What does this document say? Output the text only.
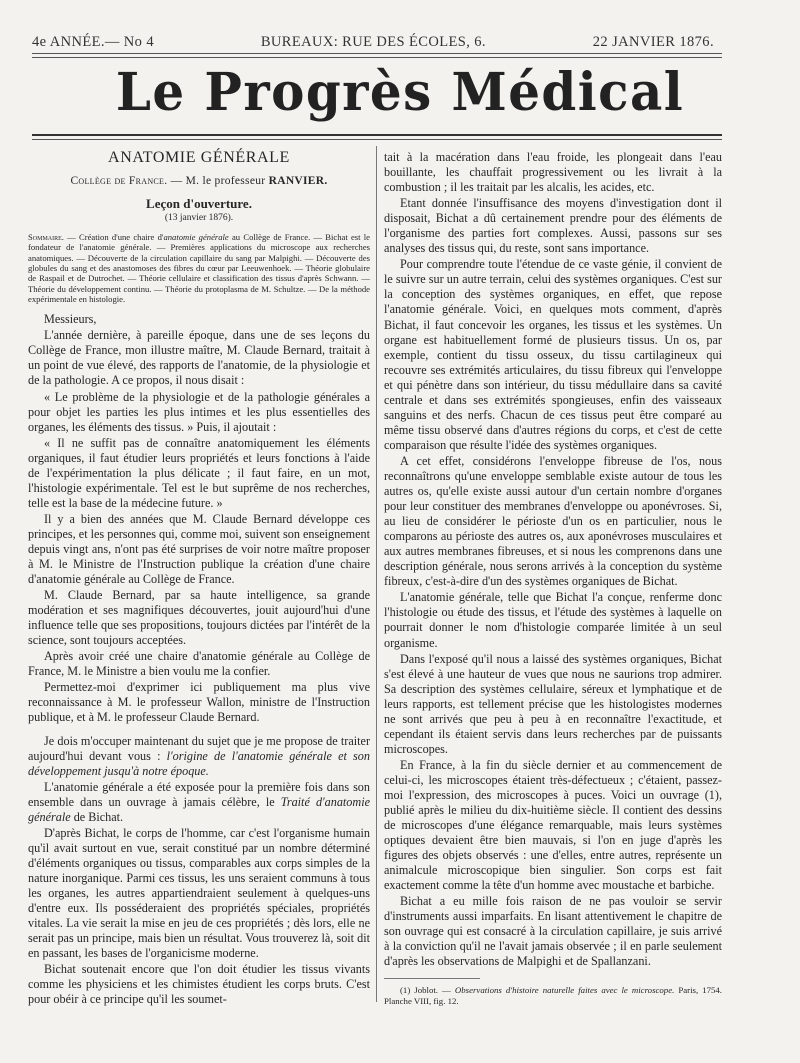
4e ANNÉE.— No 4	BUREAUX: RUE DES ÉCOLES, 6.	22 JANVIER 1876.
Le Progrès Médical
ANATOMIE GÉNÉRALE
Collège de France. — M. le professeur RANVIER.
Leçon d'ouverture.
(13 janvier 1876).
Sommaire. — Création d'une chaire d'anatomie générale au Collège de France. — Bichat est le fondateur de l'anatomie générale. — Premières applications du microscope aux recherches anatomiques. — Découverte de la circulation capillaire du sang par Malpighi. — Découverte des globules du sang et des anastomoses des fibres du cœur par Leeuwenhoek. — Théorie globulaire de Raspail et de Dutrochet. — Théorie cellulaire et classification des tissus d'après Schwann. — Théorie du développement continu. — Théorie du protoplasma de M. Schultze. — De la méthode expérimentale en histologie.

Messieurs,

L'année dernière, à pareille époque, dans une de ses leçons du Collège de France, mon illustre maître, M. Claude Bernard, traitait à un point de vue élevé, des rapports de l'anatomie, de la physiologie et de la pathologie. A ce propos, il nous disait :

« Le problème de la physiologie et de la pathologie générales a pour objet les parties les plus intimes et les plus essentielles des organes, les éléments des tissus. » Puis, il ajoutait :

« Il ne suffit pas de connaître anatomiquement les éléments organiques, il faut étudier leurs propriétés et leurs fonctions à l'aide de l'expérimentation la plus délicate ; il faut faire, en un mot, l'histologie expérimentale. Tel est le but suprême de nos recherches, telle est la base de la médecine future. »

Il y a bien des années que M. Claude Bernard développe ces principes, et les personnes qui, comme moi, suivent son enseignement depuis vingt ans, n'ont pas été surprises de voir notre maître proposer à M. le Ministre de l'Instruction publique la création d'une chaire d'anatomie générale au Collège de France.

M. Claude Bernard, par sa haute intelligence, sa grande modération et ses magnifiques découvertes, jouit aujourd'hui d'une influence telle que ses propositions, toujours dictées par l'intérêt de la science, sont toujours acceptées.

Après avoir créé une chaire d'anatomie générale au Collège de France, M. le Ministre a bien voulu me la confier.

Permettez-moi d'exprimer ici publiquement ma plus vive reconnaissance à M. le professeur Wallon, ministre de l'Instruction publique, et à M. le professeur Claude Bernard.

Je dois m'occuper maintenant du sujet que je me propose de traiter aujourd'hui devant vous : l'origine de l'anatomie générale et son développement jusqu'à notre époque.

L'anatomie générale a été exposée pour la première fois dans son ensemble dans un ouvrage à jamais célèbre, le Traité d'anatomie générale de Bichat.

D'après Bichat, le corps de l'homme, car c'est l'organisme humain qu'il avait surtout en vue, serait constitué par un nombre déterminé d'éléments organiques ou tissus, comparables aux corps simples de la nature inorganique. Parmi ces tissus, les uns seraient communs à tous les organes, les autres appartiendraient seulement à quelques-uns d'entre eux. Ils posséderaient des propriétés spéciales, propriétés vitales. La vie serait la mise en jeu de ces propriétés ; dès lors, elle ne serait pas un principe, mais bien un résultat. Vous trouverez là, soit dit en passant, les bases de l'organicisme moderne.

Bichat soutenait encore que l'on doit étudier les tissus vivants comme les physiciens et les chimistes étudient les corps bruts. C'est pour obéir à ce principe qu'il les soumet-

tait à la macération dans l'eau froide, les plongeait dans l'eau bouillante, les chauffait progressivement ou les livrait à la combustion ; il les traitait par les alcalis, les acides, etc.

Etant donnée l'insuffisance des moyens d'investigation dont il disposait, Bichat a dû certainement prendre pour des éléments de l'organisme des parties fort complexes. Aussi, passons sur ses analyses des tissus qui, du reste, sont sans importance.

Pour comprendre toute l'étendue de ce vaste génie, il convient de le suivre sur un autre terrain, celui des systèmes organiques. C'est sur la conception des systèmes organiques, en effet, que repose l'anatomie générale. Voici, en quelques mots comment, d'après Bichat, il faut concevoir les organes, les tissus et les systèmes. Un organe est habituellement formé de plusieurs tissus. Un os, par exemple, contient du tissu osseux, du tissu cartilagineux qui recouvre ses extrémités articulaires, du tissu fibreux qui l'enveloppe et qui pénètre dans son intérieur, du tissu médullaire dans sa cavité centrale et dans ses extrémités spongieuses, enfin des vaisseaux sanguins et des nerfs. Chacun de ces tissus peut être comparé au même tissu observé dans d'autres régions du corps, et c'est de cette comparaison que résulte l'idée des systèmes organiques.

A cet effet, considérons l'enveloppe fibreuse de l'os, nous reconnaîtrons qu'une enveloppe semblable existe autour de tous les autres os, qu'elle existe aussi autour d'un certain nombre d'organes pour leur constituer des membranes d'enveloppe ou aponévroses. Si, au lieu de considérer le périoste d'un os en particulier, nous le comparons au périoste des autres os, aux aponévroses musculaires et aux autres membranes fibreuses, et si nous les comprenons dans une description générale, nous serons arrivés à la conception du système fibreux, c'est-à-dire d'un des systèmes organiques de Bichat.

L'anatomie générale, telle que Bichat l'a conçue, renferme donc l'histologie ou étude des tissus, et l'étude des systèmes à laquelle on pourrait donner le nom d'histologie comparée limitée à un seul organisme.

Dans l'exposé qu'il nous a laissé des systèmes organiques, Bichat s'est élevé à une hauteur de vues que nous ne saurions trop admirer. Sa description des systèmes cellulaire, séreux et lymphatique et de leurs rapports, est tellement précise que les histologistes modernes ne sont arrivés que peu à peu à en reconnaître l'exactitude, et cependant ils étaient servis dans leurs recherches par de puissants microscopes.

En France, à la fin du siècle dernier et au commencement de celui-ci, les microscopes étaient très-défectueux ; c'étaient, passez-moi l'expression, des microscopes à puces. Voici un ouvrage (1), publié après le milieu du dix-huitième siècle. Il contient des dessins de microscopes d'une élégance remarquable, mais leurs systèmes optiques devaient être bien mauvais, si l'on en juge d'après les figures des objets observés : une d'elles, entre autres, représente un animalcule microscopique bien singulier. Son corps est fait exactement comme la tête d'un homme avec moustache et barbiche.

Bichat a eu mille fois raison de ne pas vouloir se servir d'instruments aussi imparfaits. En lisant attentivement le chapitre de son ouvrage qui est consacré à la circulation capillaire, je suis arrivé à la conviction qu'il ne l'avait jamais observée ; il en parle seulement d'après les observations de Malpighi et de Spallanzani.

(1) Joblot. — Observations d'histoire naturelle faites avec le microscope. Paris, 1754. Planche VIII, fig. 12.
